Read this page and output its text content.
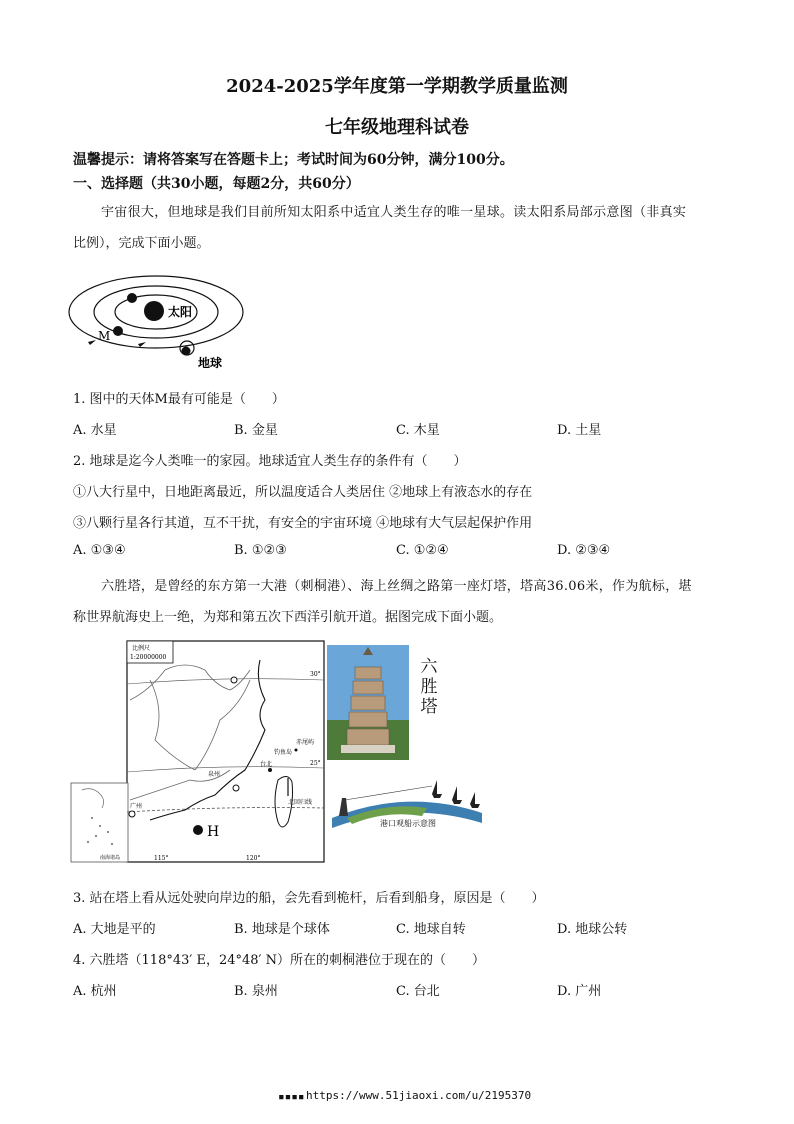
2024-2025学年度第一学期教学质量监测
七年级地理科试卷
温馨提示：请将答案写在答题卡上；考试时间为60分钟，满分100分。
一、选择题（共30小题，每题2分，共60分）
宇宙很大，但地球是我们目前所知太阳系中适宜人类生存的唯一星球。读太阳系局部示意图（非真实
比例），完成下面小题。
太阳
M
地球
1. 图中的天体M最有可能是（　　）
A. 水星	B. 金星	C. 木星	D. 土星
2. 地球是迄今人类唯一的家园。地球适宜人类生存的条件有（　　）
①八大行星中，日地距离最近，所以温度适合人类居住 ②地球上有液态水的存在
③八颗行星各行其道，互不干扰，有安全的宇宙环境 ④地球有大气层起保护作用
A. ①③④	B. ①②③	C. ①②④	D. ②③④
六胜塔，是曾经的东方第一大港（刺桐港）、海上丝绸之路第一座灯塔，塔高36.06米，作为航标，堪
称世界航海史上一绝，为郑和第五次下西洋引航开道。据图完成下面小题。
比例尺
1:20000000
南海诸岛
30°
25°
北回归线
115°	120°
泉州
台北
广州
钓鱼岛
赤尾屿
H
六胜塔
港口观船示意图
3. 站在塔上看从远处驶向岸边的船，会先看到桅杆，后看到船身，原因是（　　）
A. 大地是平的	B. 地球是个球体	C. 地球自转	D. 地球公转
4. 六胜塔（118°43′ E，24°48′ N）所在的刺桐港位于现在的（　　）
A. 杭州	B. 泉州	C. 台北	D. 广州
▪▪▪▪ https://www.51jiaoxi.com/u/2195370
